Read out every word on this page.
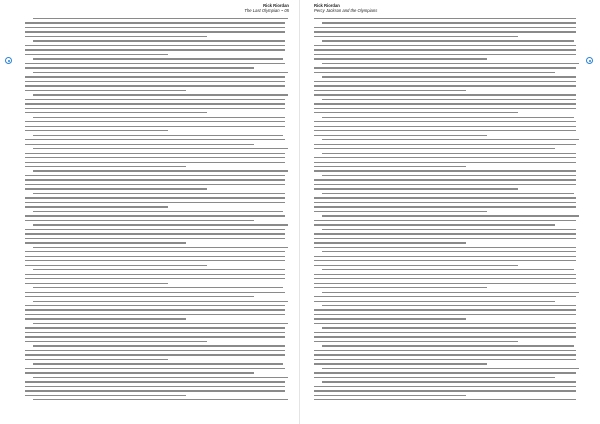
Rick Riordan
The Last Olympian ~ 05
Rick Riordan
Percy Jackson and the Olympians
